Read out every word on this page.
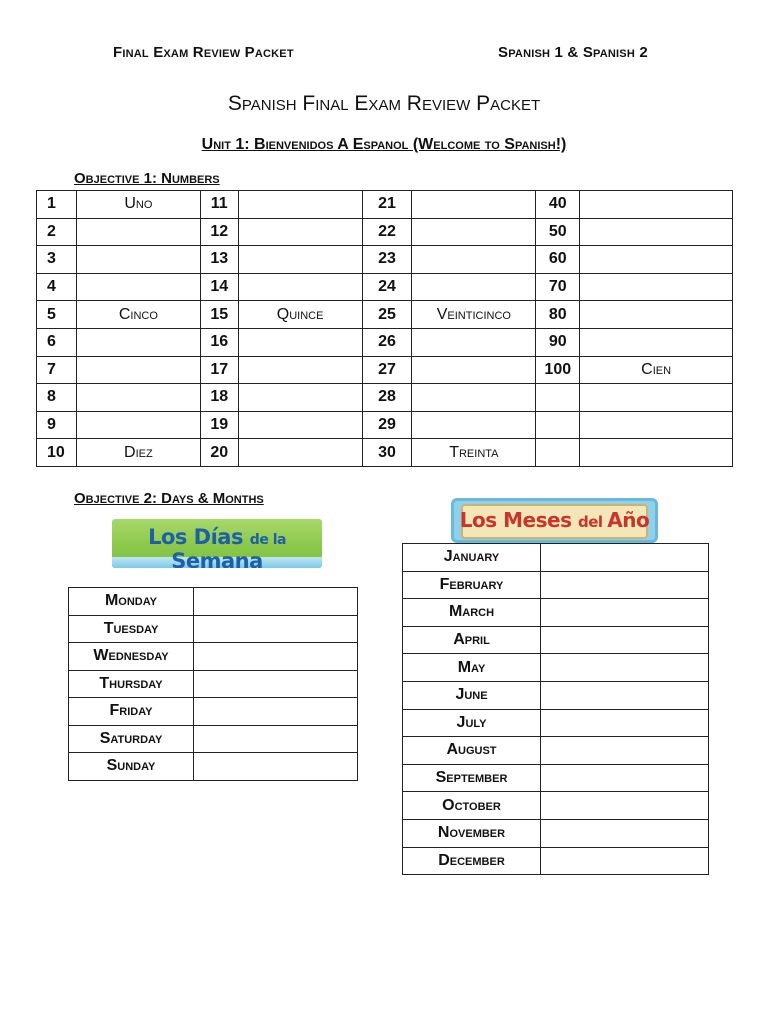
Final Exam Review Packet	Spanish 1 & Spanish 2
Spanish Final Exam Review Packet
Unit 1: Bienvenidos A Espanol (Welcome to Spanish!)
Objective 1: Numbers
1	Uno	11		21		40	
2		12		22		50	
3		13		23		60	
4		14		24		70	
5	Cinco	15	Quince	25	Veinticinco	80	
6		16		26		90	
7		17		27		100	Cien
8		18		28			
9		19		29			
10	Diez	20		30	Treinta		
Objective 2: Days & Months
Los Días de la Semana
Los Meses del Año
Monday	
Tuesday	
Wednesday	
Thursday	
Friday	
Saturday	
Sunday	
January	
February	
March	
April	
May	
June	
July	
August	
September	
October	
November	
December	
